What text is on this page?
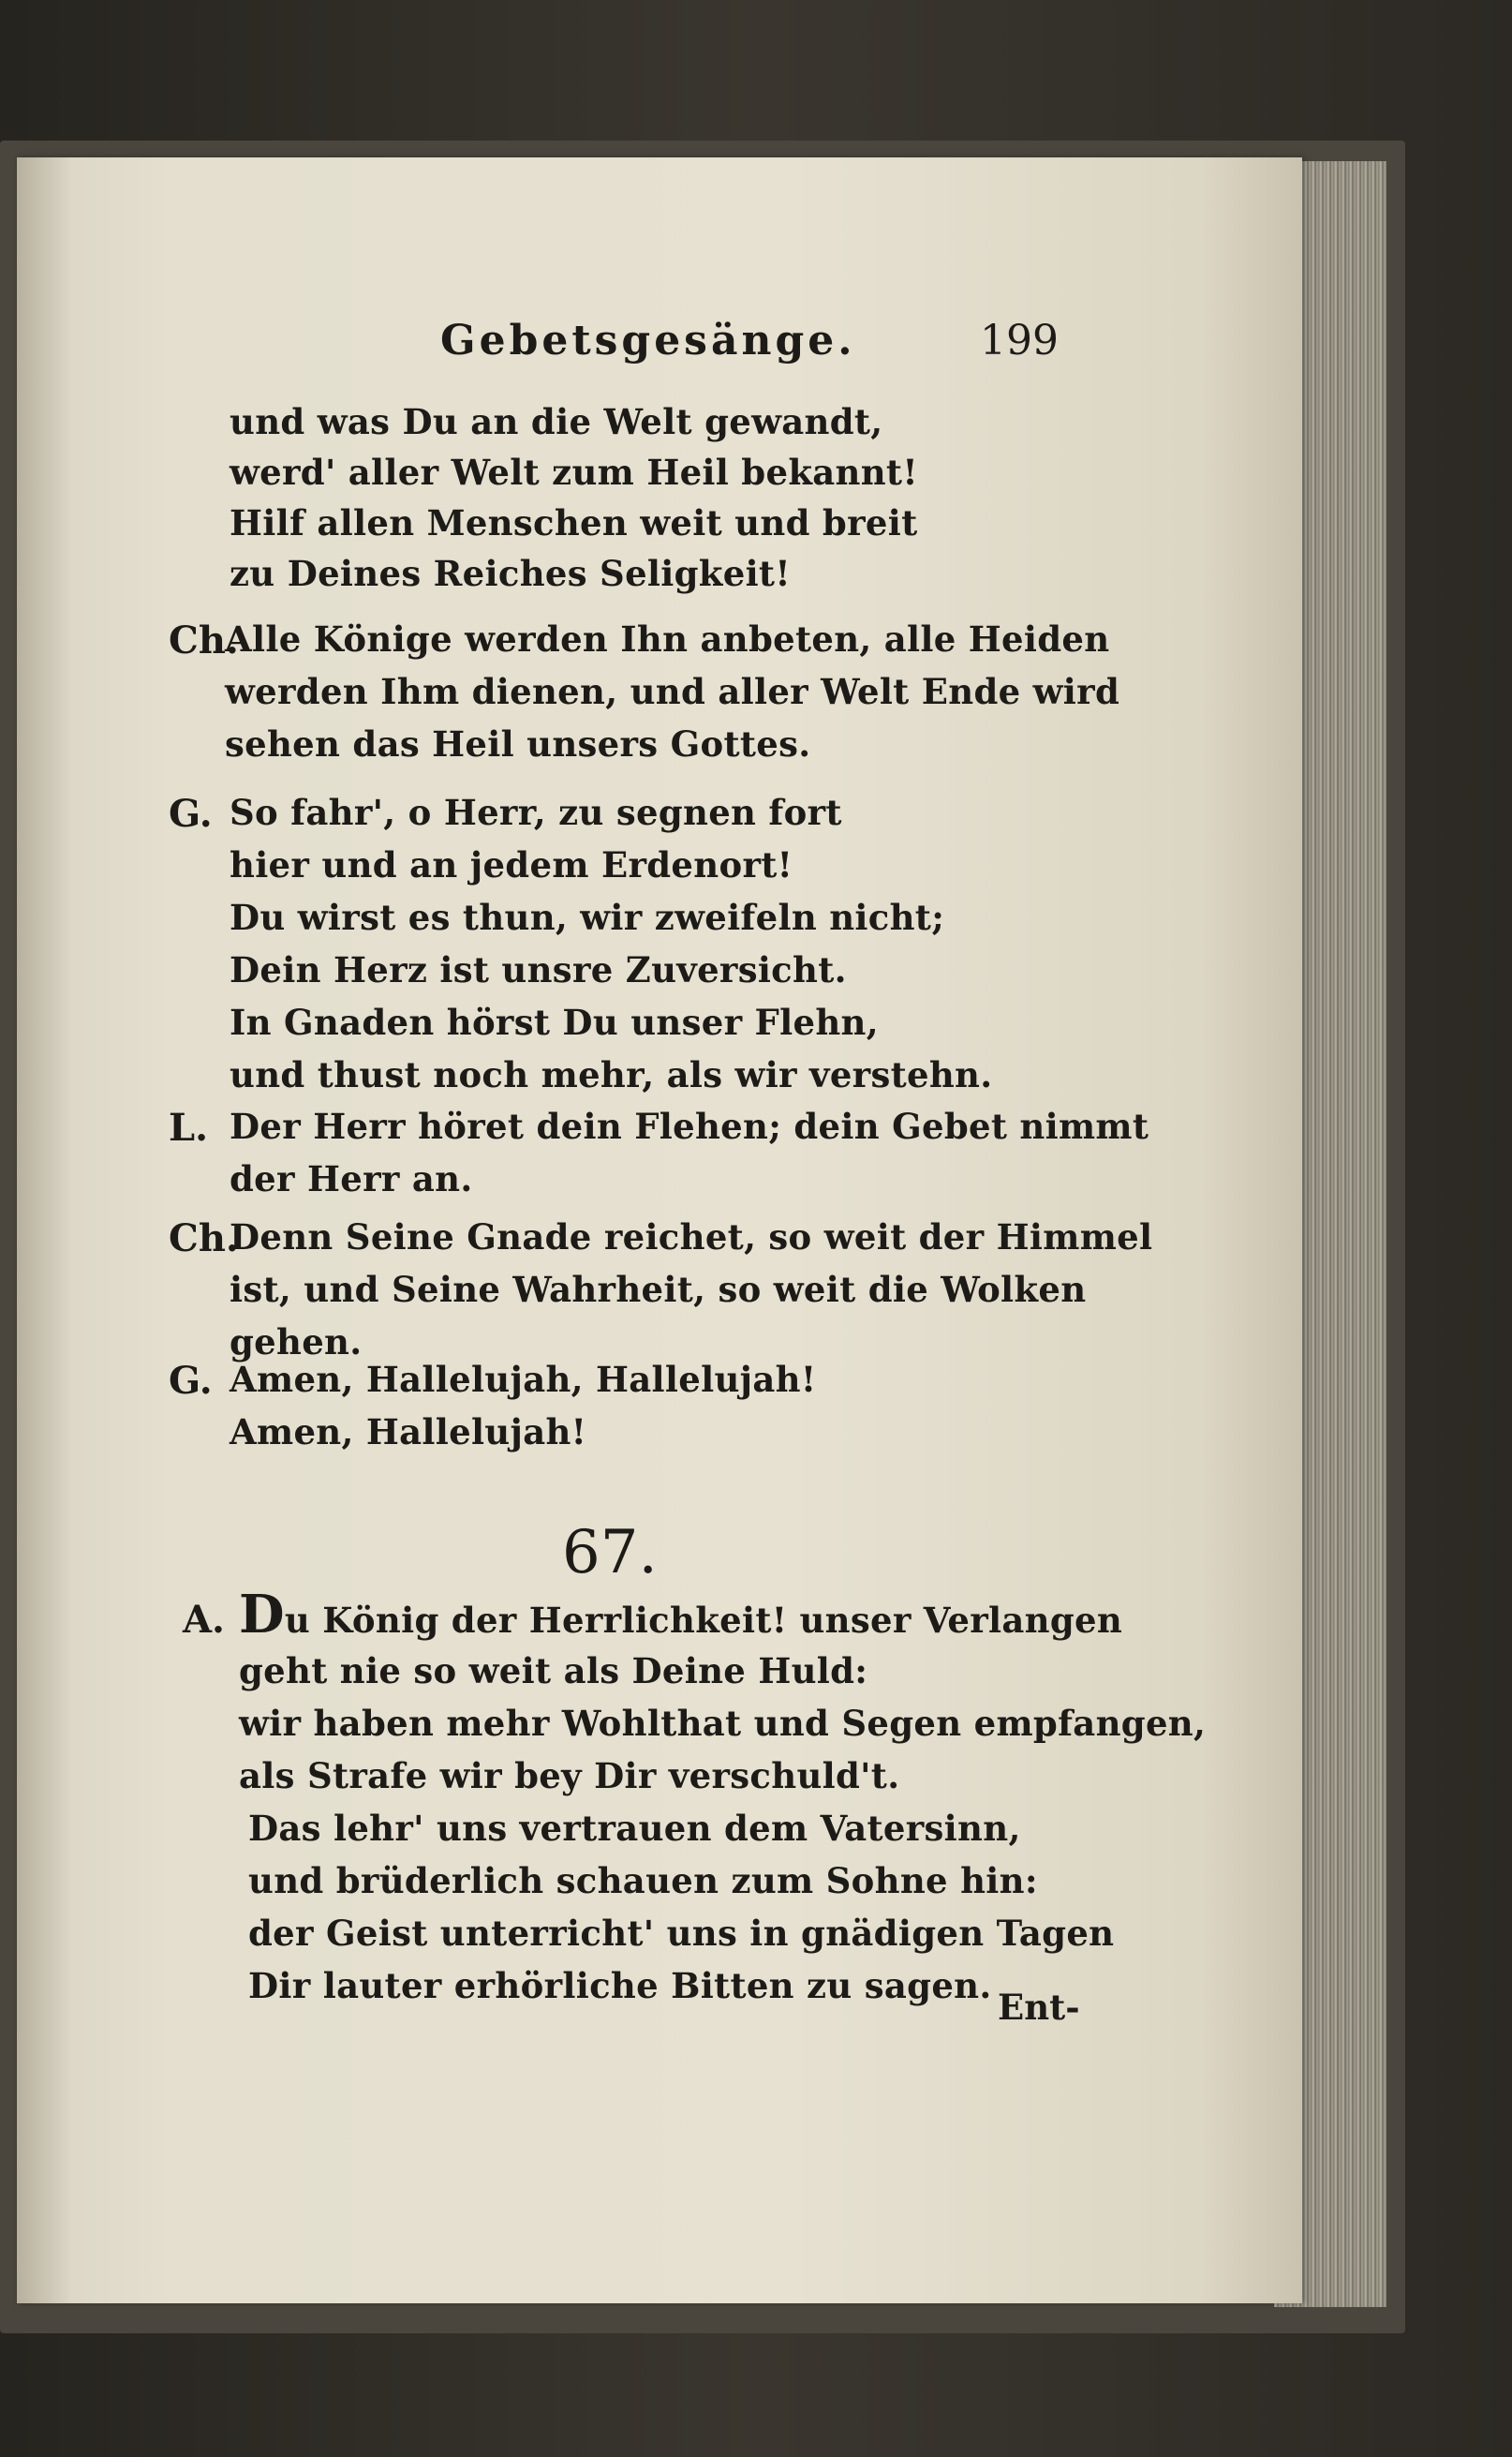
Gebetsgesänge.	199
und was Du an die Welt gewandt,
werd' aller Welt zum Heil bekannt!
Hilf allen Menschen weit und breit
zu Deines Reiches Seligkeit!
Ch.
Alle Könige werden Ihn anbeten, alle Heiden
werden Ihm dienen, und aller Welt Ende wird
sehen das Heil unsers Gottes.
G. So fahr', o Herr, zu segnen fort
hier und an jedem Erdenort!
Du wirst es thun, wir zweifeln nicht;
Dein Herz ist unsre Zuversicht.
In Gnaden hörst Du unser Flehn,
und thust noch mehr, als wir verstehn.
L. Der Herr höret dein Flehen; dein Gebet nimmt
der Herr an.
Ch.
Denn Seine Gnade reichet, so weit der Himmel
ist, und Seine Wahrheit, so weit die Wolken
gehen.
G. Amen, Hallelujah, Hallelujah!
Amen, Hallelujah!
67.
A. Du König der Herrlichkeit! unser Verlangen
geht nie so weit als Deine Huld:
wir haben mehr Wohlthat und Segen empfangen,
als Strafe wir bey Dir verschuld't.
Das lehr' uns vertrauen dem Vatersinn,
und brüderlich schauen zum Sohne hin:
der Geist unterricht' uns in gnädigen Tagen
Dir lauter erhörliche Bitten zu sagen.
Ent-
